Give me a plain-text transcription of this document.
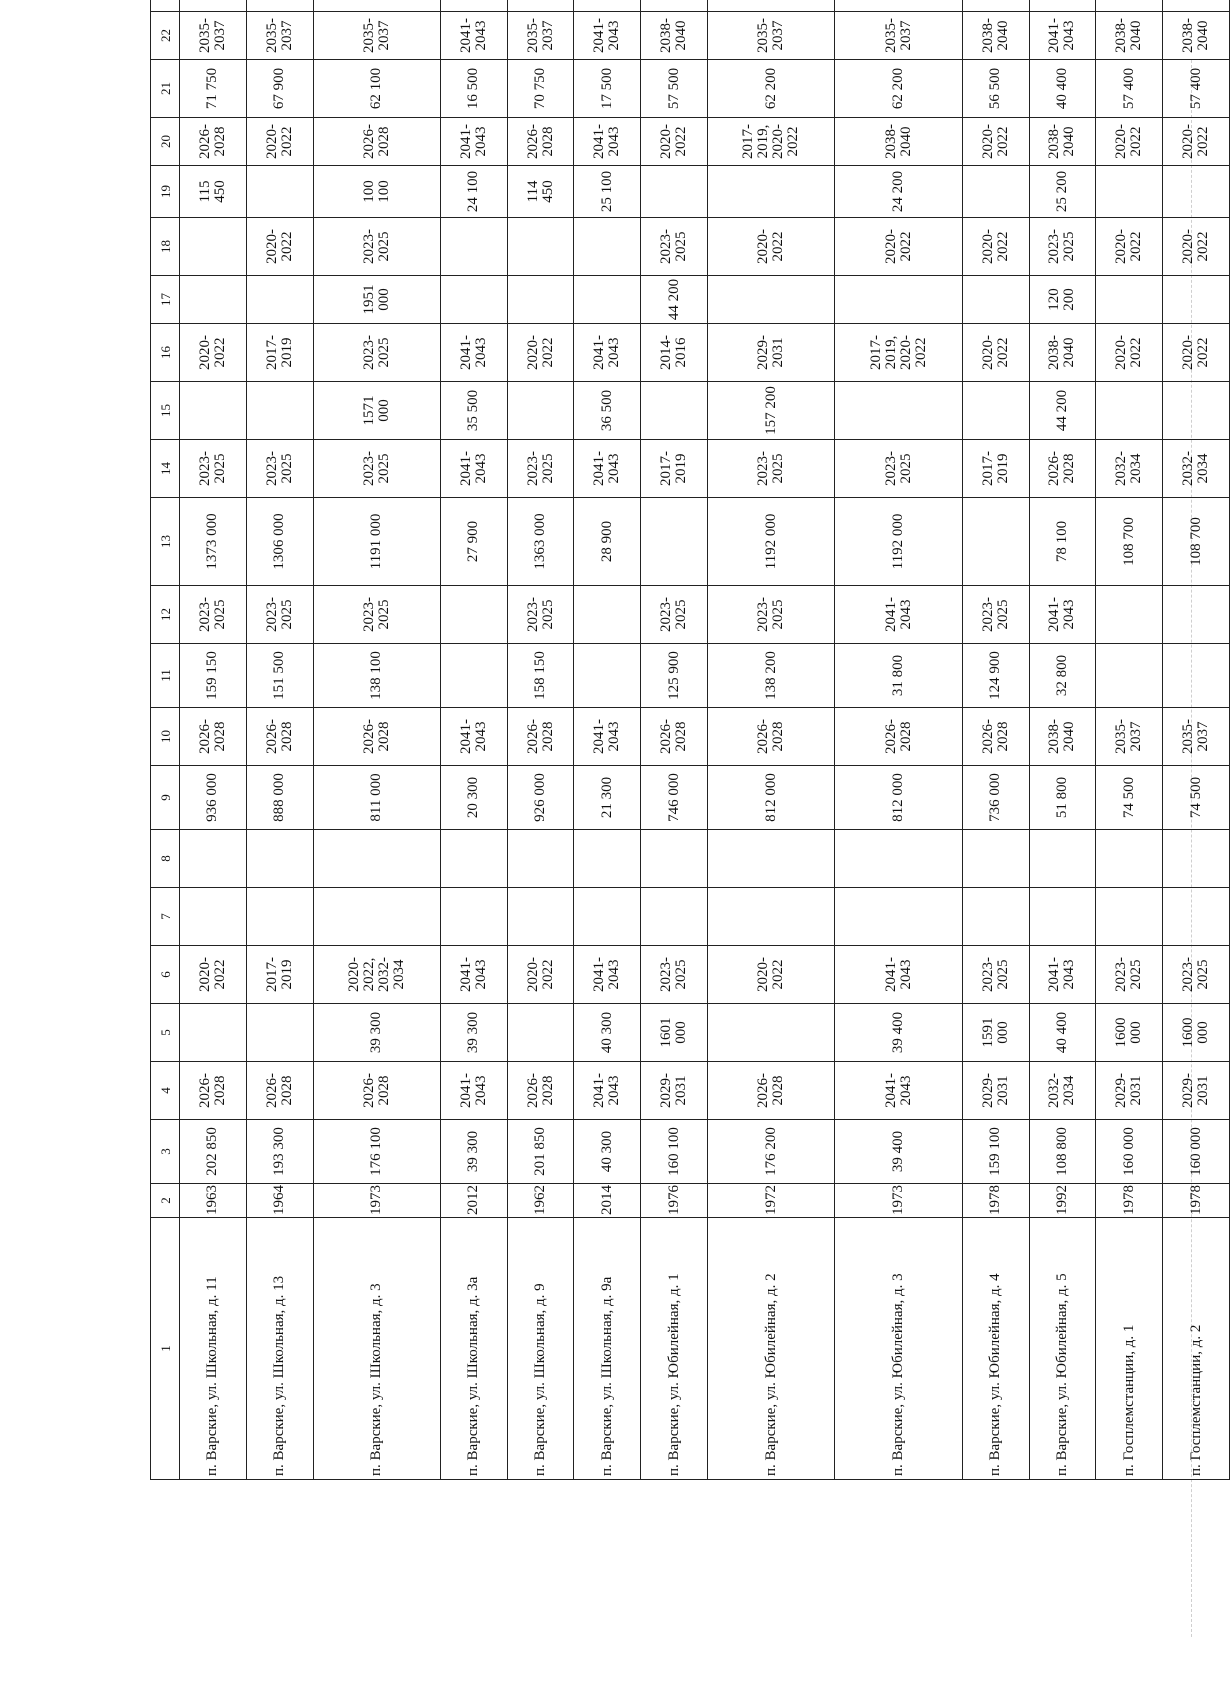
1	2	3	4	5	6	7	8	9	10	11	12	13	14	15	16	17	18	19	20	21	22		
п. Варские, ул. Школьная, д. 11	1963	202 850	2026-
2028		2020-
2022			936 000	2026-
2028	159 150	2023-
2025	1373 000	2023-
2025		2020-
2022			115 450	2026-
2028	71 750	2035-
2037		
п. Варские, ул. Школьная, д. 13	1964	193 300	2026-
2028		2017-
2019			888 000	2026-
2028	151 500	2023-
2025	1306 000	2023-
2025		2017-
2019		2020-
2022		2020-
2022	67 900	2035-
2037		
п. Варские, ул. Школьная, д. 3	1973	176 100	2026-
2028	39 300	2020-
2022,
2032-
2034			811 000	2026-
2028	138 100	2023-
2025	1191 000	2023-
2025	1571
000	2023-
2025	1951
000	2023-
2025	100 100	2026-
2028	62 100	2035-
2037		
п. Варские, ул. Школьная, д. 3а	2012	39 300	2041-
2043	39 300	2041-
2043			20 300	2041-
2043			27 900	2041-
2043	35 500	2041-
2043			24 100	2041-
2043	16 500	2041-
2043		
п. Варские, ул. Школьная, д. 9	1962	201 850	2026-
2028		2020-
2022			926 000	2026-
2028	158 150	2023-
2025	1363 000	2023-
2025		2020-
2022			114 450	2026-
2028	70 750	2035-
2037		
п. Варские, ул. Школьная, д. 9а	2014	40 300	2041-
2043	40 300	2041-
2043			21 300	2041-
2043			28 900	2041-
2043	36 500	2041-
2043			25 100	2041-
2043	17 500	2041-
2043		
п. Варские, ул. Юбилейная, д. 1	1976	160 100	2029-
2031	1601
000	2023-
2025			746 000	2026-
2028	125 900	2023-
2025		2017-
2019		2014-
2016	44 200	2023-
2025		2020-
2022	57 500	2038-
2040		
п. Варские, ул. Юбилейная, д. 2	1972	176 200	2026-
2028		2020-
2022			812 000	2026-
2028	138 200	2023-
2025	1192 000	2023-
2025	157 200	2029-
2031		2020-
2022		2017-
2019,
2020-
2022	62 200	2035-
2037		
п. Варские, ул. Юбилейная, д. 3	1973	39 400	2041-
2043	39 400	2041-
2043			812 000	2026-
2028	31 800	2041-
2043	1192 000	2023-
2025		2017-
2019,
2020-
2022		2020-
2022	24 200	2038-
2040	62 200	2035-
2037		
п. Варские, ул. Юбилейная, д. 4	1978	159 100	2029-
2031	1591
000	2023-
2025			736 000	2026-
2028	124 900	2023-
2025		2017-
2019		2020-
2022		2020-
2022		2020-
2022	56 500	2038-
2040		
п. Варские, ул. Юбилейная, д. 5	1992	108 800	2032-
2034	40 400	2041-
2043			51 800	2038-
2040	32 800	2041-
2043	78 100	2026-
2028	44 200	2038-
2040	120 200	2023-
2025	25 200	2038-
2040	40 400	2041-
2043		
п. Госплемстанции, д. 1	1978	160 000	2029-
2031	1600
000	2023-
2025			74 500	2035-
2037			108 700	2032-
2034		2020-
2022		2020-
2022		2020-
2022	57 400	2038-
2040		
п. Госплемстанции, д. 2	1978	160 000	2029-
2031	1600
000	2023-
2025			74 500	2035-
2037			108 700	2032-
2034		2020-
2022		2020-
2022		2020-
2022	57 400	2038-
2040		
